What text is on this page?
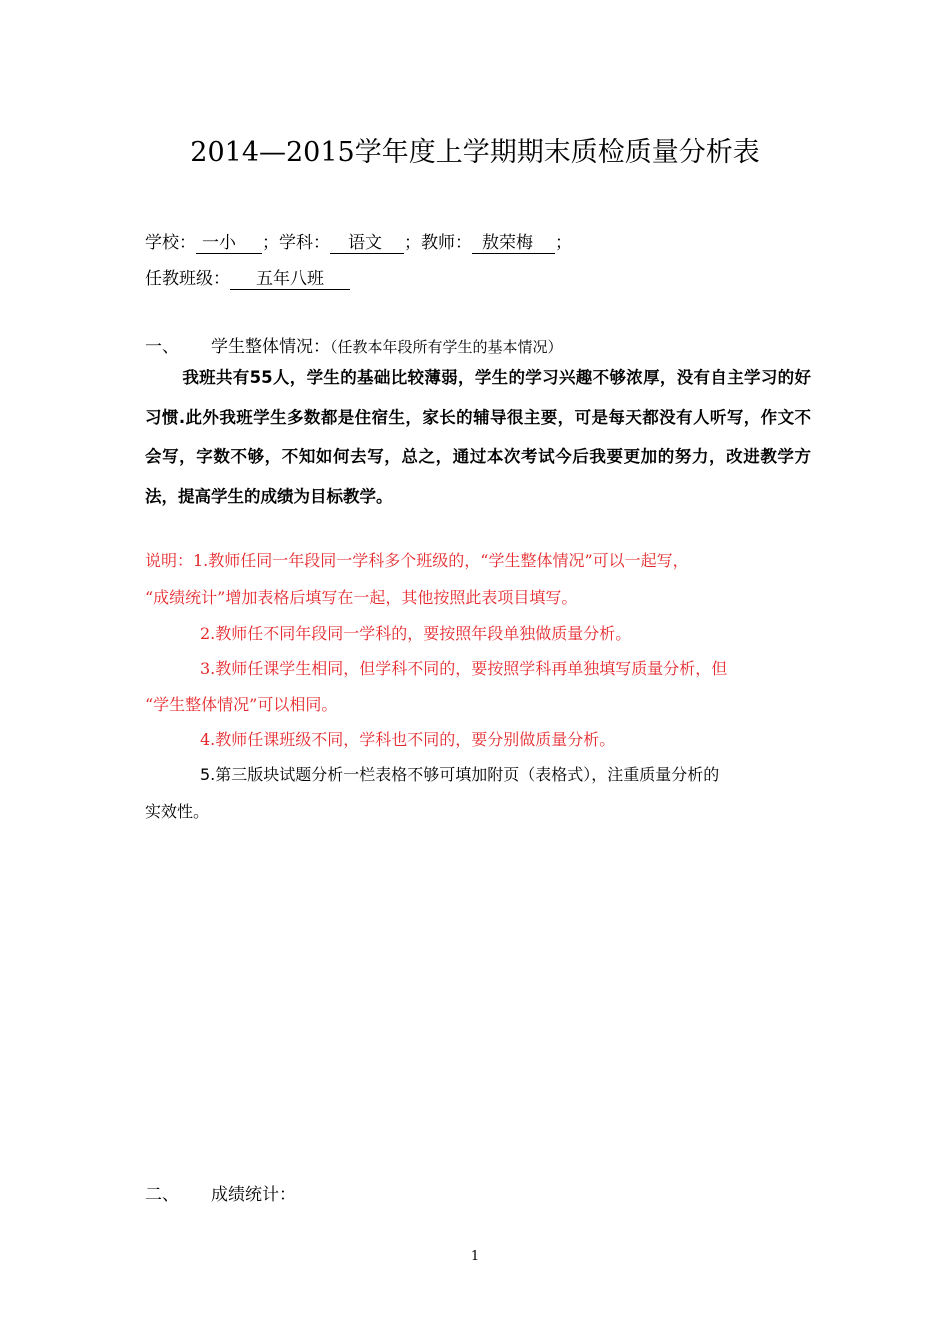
2014—2015学年度上学期期末质检质量分析表
学校： 一小 ；学科： 语文 ；教师： 敖荣梅 ；
任教班级： 五年八班
一、 学生整体情况：（任教本年段所有学生的基本情况）
我班共有55人，学生的基础比较薄弱，学生的学习兴趣不够浓厚，没有自主学习的好习惯.此外我班学生多数都是住宿生，家长的辅导很主要，可是每天都没有人听写，作文不会写，字数不够，不知如何去写，总之，通过本次考试今后我要更加的努力，改进教学方法，提高学生的成绩为目标教学。
说明：1.教师任同一年段同一学科多个班级的，“学生整体情况”可以一起写，
“成绩统计”增加表格后填写在一起，其他按照此表项目填写。
2.教师任不同年段同一学科的，要按照年段单独做质量分析。
3.教师任课学生相同，但学科不同的，要按照学科再单独填写质量分析，但
“学生整体情况”可以相同。
4.教师任课班级不同，学科也不同的，要分别做质量分析。
5.第三版块试题分析一栏表格不够可填加附页（表格式），注重质量分析的
实效性。
二、 成绩统计：
1
